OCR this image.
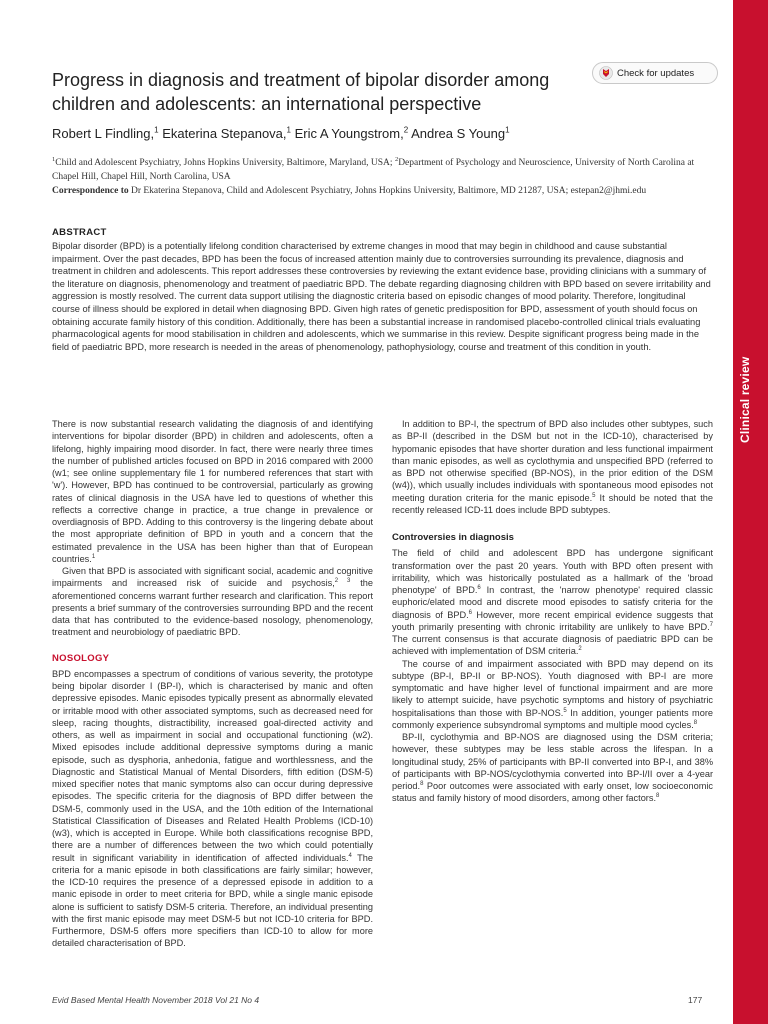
Clinical review
Progress in diagnosis and treatment of bipolar disorder among children and adolescents: an international perspective
Check for updates
Robert L Findling,$^1$ Ekaterina Stepanova,$^1$ Eric A Youngstrom,$^2$ Andrea S Young$^1$
$^1$Child and Adolescent Psychiatry, Johns Hopkins University, Baltimore, Maryland, USA; $^2$Department of Psychology and Neuroscience, University of North Carolina at Chapel Hill, Chapel Hill, North Carolina, USA
Correspondence to Dr Ekaterina Stepanova, Child and Adolescent Psychiatry, Johns Hopkins University, Baltimore, MD 21287, USA; estepan2@jhmi.edu
ABSTRACT

Bipolar disorder (BPD) is a potentially lifelong condition characterised by extreme changes in mood that may begin in childhood and cause substantial impairment. Over the past decades, BPD has been the focus of increased attention mainly due to controversies surrounding its prevalence, diagnosis and treatment in children and adolescents. This report addresses these controversies by reviewing the extant evidence base, providing clinicians with a summary of the literature on diagnosis, phenomenology and treatment of paediatric BPD. The debate regarding diagnosing children with BPD based on severe irritability and aggression is mostly resolved. The current data support utilising the diagnostic criteria based on episodic changes of mood polarity. Therefore, longitudinal course of illness should be explored in detail when diagnosing BPD. Given high rates of genetic predisposition for BPD, assessment of youth should focus on obtaining accurate family history of this condition. Additionally, there has been a substantial increase in randomised placebo-controlled clinical trials evaluating pharmacological agents for mood stabilisation in children and adolescents, which we summarise in this review. Despite significant progress being made in the field of paediatric BPD, more research is needed in the areas of phenomenology, pathophysiology, course and treatment of this condition in youth.

There is now substantial research validating the diagnosis of and identifying interventions for bipolar disorder (BPD) in children and adolescents, often a lifelong, highly impairing mood disorder. In fact, there were nearly three times the number of published articles focused on BPD in 2016 compared with 2000 (w1; see online supplementary file 1 for numbered references that start with 'w'). However, BPD has continued to be controversial, particularly as growing rates of clinical diagnosis in the USA have led to questions of whether this reflects a corrective change in practice, a true change in prevalence or overdiagnosis of BPD. Adding to this controversy is the lingering debate about the most appropriate definition of BPD in youth and a concern that the estimated prevalence in the USA has been higher than that of European countries.$^1$

Given that BPD is associated with significant social, academic and cognitive impairments and increased risk of suicide and psychosis,$^{2 3}$ the aforementioned concerns warrant further research and clarification. This report presents a brief summary of the controversies surrounding BPD and the recent data that has contributed to the evidence-based nosology, phenomenology, treatment and neurobiology of paediatric BPD.

NOSOLOGY

BPD encompasses a spectrum of conditions of various severity, the prototype being bipolar disorder I (BP-I), which is characterised by manic and often depressive episodes. Manic episodes typically present as abnormally elevated or irritable mood with other associated symptoms, such as decreased need for sleep, racing thoughts, distractibility, increased goal-directed activity and others, as well as impairment in social and occupational functioning (w2). Mixed episodes include additional depressive symptoms during a manic episode, such as dysphoria, anhedonia, fatigue and worthlessness, and the Diagnostic and Statistical Manual of Mental Disorders, fifth edition (DSM-5) mixed specifier notes that manic symptoms also can occur during depressive episodes. The specific criteria for the diagnosis of BPD differ between the DSM-5, commonly used in the USA, and the 10th edition of the International Statistical Classification of Diseases and Related Health Problems (ICD-10) (w3), which is accepted in Europe. While both classifications recognise BPD, there are a number of differences between the two which could potentially result in significant variability in identification of affected individuals.$^4$ The criteria for a manic episode in both classifications are fairly similar; however, the ICD-10 requires the presence of a depressed episode in addition to a manic episode in order to meet criteria for BPD, while a single manic episode alone is sufficient to satisfy DSM-5 criteria. Therefore, an individual presenting with the first manic episode may meet DSM-5 but not ICD-10 criteria for BPD. Furthermore, DSM-5 offers more specifiers than ICD-10 to allow for more detailed characterisation of BPD.

In addition to BP-I, the spectrum of BPD also includes other subtypes, such as BP-II (described in the DSM but not in the ICD-10), characterised by hypomanic episodes that have shorter duration and less functional impairment than manic episodes, as well as cyclothymia and unspecified BPD (referred to as BPD not otherwise specified (BP-NOS), in the prior edition of the DSM (w4)), which usually includes individuals with spontaneous mood episodes not meeting duration criteria for the manic episode.$^5$ It should be noted that the recently released ICD-11 does include BPD subtypes.

Controversies in diagnosis

The field of child and adolescent BPD has undergone significant transformation over the past 20 years. Youth with BPD often present with irritability, which was historically postulated as a hallmark of the 'broad phenotype' of BPD.$^6$ In contrast, the 'narrow phenotype' required classic euphoric/elated mood and discrete mood episodes to satisfy criteria for the diagnosis of BPD.$^6$ However, more recent empirical evidence suggests that youth primarily presenting with chronic irritability are unlikely to have BPD.$^7$ The current consensus is that accurate diagnosis of paediatric BPD can be achieved with implementation of DSM criteria.$^2$

The course of and impairment associated with BPD may depend on its subtype (BP-I, BP-II or BP-NOS). Youth diagnosed with BP-I are more symptomatic and have higher level of functional impairment and are more likely to attempt suicide, have psychotic symptoms and history of psychiatric hospitalisations than those with BP-NOS.$^5$ In addition, younger patients more commonly experience subsyndromal symptoms and multiple mood cycles.$^8$

BP-II, cyclothymia and BP-NOS are diagnosed using the DSM criteria; however, these subtypes may be less stable across the lifespan. In a longitudinal study, 25% of participants with BP-II converted into BP-I, and 38% of participants with BP-NOS/cyclothymia converted into BP-I/II over a 4-year period.$^8$ Poor outcomes were associated with early onset, low socioeconomic status and family history of mood disorders, among other factors.$^8$

Evid Based Mental Health November 2018 Vol 21 No 4	177
